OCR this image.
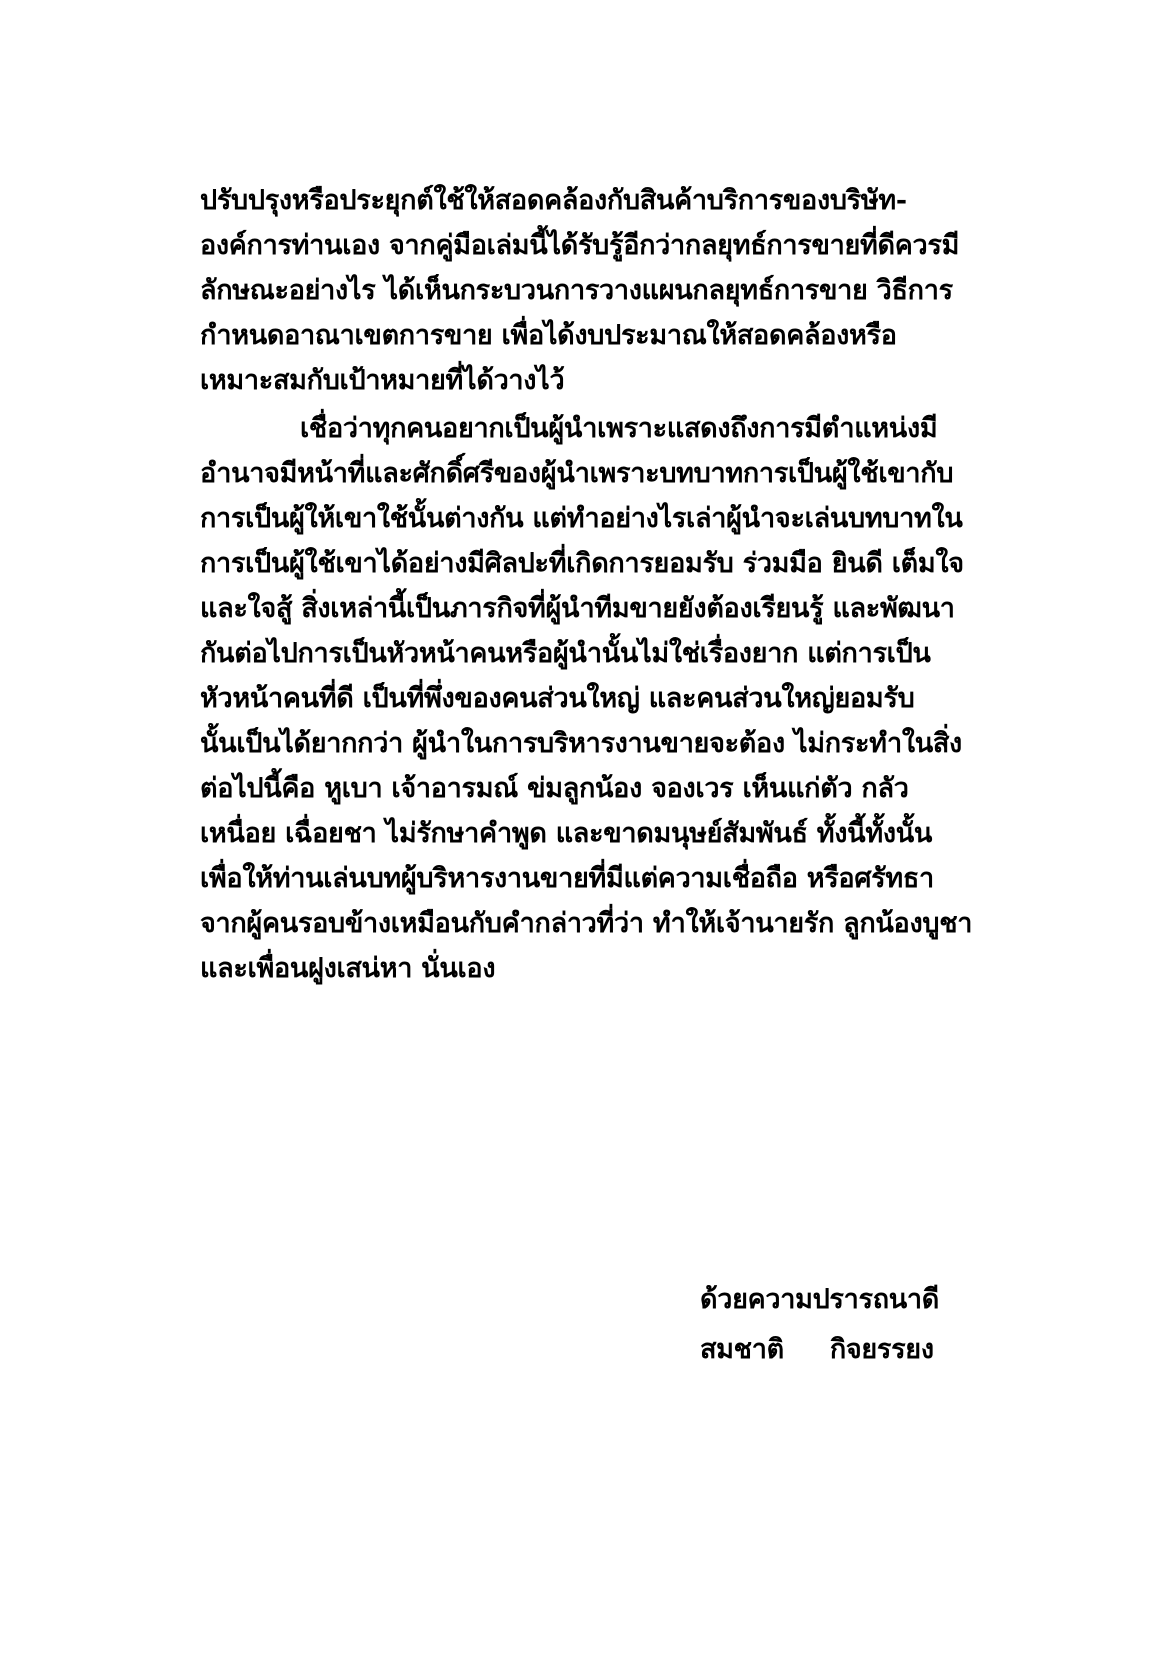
ปรับปรุงหรือประยุกต์ใช้ให้สอดคล้องกับสินค้าบริการของบริษัท-
องค์การท่านเอง จากคู่มือเล่มนี้ได้รับรู้อีกว่ากลยุทธ์การขายที่ดีควรมี
ลักษณะอย่างไร ได้เห็นกระบวนการวางแผนกลยุทธ์การขาย วิธีการ
กำหนดอาณาเขตการขาย เพื่อได้งบประมาณให้สอดคล้องหรือ
เหมาะสมกับเป้าหมายที่ได้วางไว้
เชื่อว่าทุกคนอยากเป็นผู้นำเพราะแสดงถึงการมีตำแหน่งมี
อำนาจมีหน้าที่และศักดิ์ศรีของผู้นำเพราะบทบาทการเป็นผู้ใช้เขากับ
การเป็นผู้ให้เขาใช้นั้นต่างกัน แต่ทำอย่างไรเล่าผู้นำจะเล่นบทบาทใน
การเป็นผู้ใช้เขาได้อย่างมีศิลปะที่เกิดการยอมรับ ร่วมมือ ยินดี เต็มใจ
และใจสู้ สิ่งเหล่านี้เป็นภารกิจที่ผู้นำทีมขายยังต้องเรียนรู้ และพัฒนา
กันต่อไปการเป็นหัวหน้าคนหรือผู้นำนั้นไม่ใช่เรื่องยาก แต่การเป็น
หัวหน้าคนที่ดี เป็นที่พึ่งของคนส่วนใหญ่ และคนส่วนใหญ่ยอมรับ
นั้นเป็นได้ยากกว่า ผู้นำในการบริหารงานขายจะต้อง ไม่กระทำในสิ่ง
ต่อไปนี้คือ หูเบา เจ้าอารมณ์ ข่มลูกน้อง จองเวร เห็นแก่ตัว กลัว
เหนื่อย เฉื่อยชา ไม่รักษาคำพูด และขาดมนุษย์สัมพันธ์ ทั้งนี้ทั้งนั้น
เพื่อให้ท่านเล่นบทผู้บริหารงานขายที่มีแต่ความเชื่อถือ หรือศรัทธา
จากผู้คนรอบข้างเหมือนกับคำกล่าวที่ว่า ทำให้เจ้านายรัก ลูกน้องบูชา
และเพื่อนฝูงเสน่หา นั่นเอง
ด้วยความปรารถนาดี
สมชาติ กิจยรรยง
